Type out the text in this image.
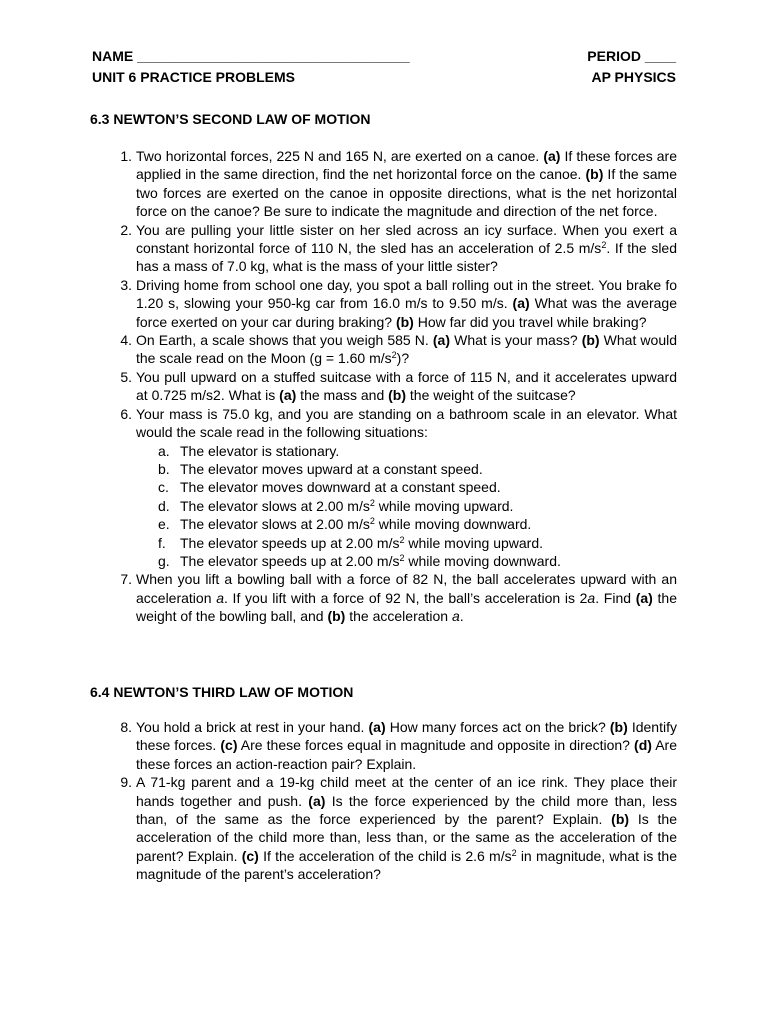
NAME ___________________________________	PERIOD ____
UNIT 6 PRACTICE PROBLEMS	AP PHYSICS
6.3 NEWTON’S SECOND LAW OF MOTION
1. Two horizontal forces, 225 N and 165 N, are exerted on a canoe. (a) If these forces are applied in the same direction, find the net horizontal force on the canoe. (b) If the same two forces are exerted on the canoe in opposite directions, what is the net horizontal force on the canoe? Be sure to indicate the magnitude and direction of the net force.
2. You are pulling your little sister on her sled across an icy surface. When you exert a constant horizontal force of 110 N, the sled has an acceleration of 2.5 $m/s^2$. If the sled has a mass of 7.0 kg, what is the mass of your little sister?
3. Driving home from school one day, you spot a ball rolling out in the street. You brake fo 1.20 s, slowing your 950-kg car from 16.0 m/s to 9.50 m/s. (a) What was the average force exerted on your car during braking? (b) How far did you travel while braking?
4. On Earth, a scale shows that you weigh 585 N. (a) What is your mass? (b) What would the scale read on the Moon (g = 1.60 $m/s^2$)?
5. You pull upward on a stuffed suitcase with a force of 115 N, and it accelerates upward at 0.725 m/s2. What is (a) the mass and (b) the weight of the suitcase?
6. Your mass is 75.0 kg, and you are standing on a bathroom scale in an elevator. What would the scale read in the following situations:
a. The elevator is stationary.
b. The elevator moves upward at a constant speed.
c. The elevator moves downward at a constant speed.
d. The elevator slows at 2.00 $m/s^2$ while moving upward.
e. The elevator slows at 2.00 $m/s^2$ while moving downward.
f. The elevator speeds up at 2.00 $m/s^2$ while moving upward.
g. The elevator speeds up at 2.00 $m/s^2$ while moving downward.
7. When you lift a bowling ball with a force of 82 N, the ball accelerates upward with an acceleration a. If you lift with a force of 92 N, the ball’s acceleration is 2a. Find (a) the weight of the bowling ball, and (b) the acceleration a.
6.4 NEWTON’S THIRD LAW OF MOTION
8. You hold a brick at rest in your hand. (a) How many forces act on the brick? (b) Identify these forces. (c) Are these forces equal in magnitude and opposite in direction? (d) Are these forces an action-reaction pair? Explain.
9. A 71-kg parent and a 19-kg child meet at the center of an ice rink. They place their hands together and push. (a) Is the force experienced by the child more than, less than, of the same as the force experienced by the parent? Explain. (b) Is the acceleration of the child more than, less than, or the same as the acceleration of the parent? Explain. (c) If the acceleration of the child is 2.6 $m/s^2$ in magnitude, what is the magnitude of the parent’s acceleration?
